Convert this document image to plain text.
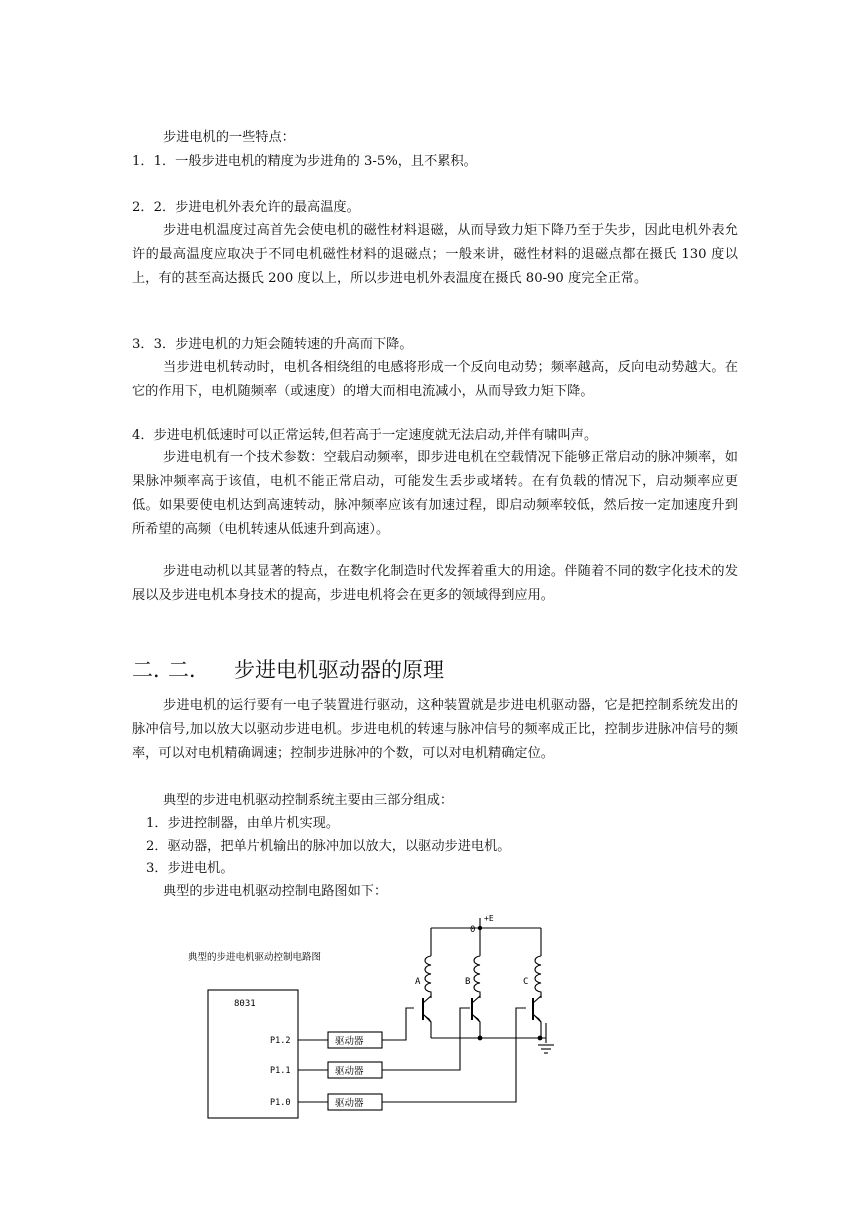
步进电机的一些特点：

1．1．一般步进电机的精度为步进角的 3-5%，且不累积。

2．2．步进电机外表允许的最高温度。

步进电机温度过高首先会使电机的磁性材料退磁，从而导致力矩下降乃至于失步，因此电机外表允许的最高温度应取决于不同电机磁性材料的退磁点；一般来讲，磁性材料的退磁点都在摄氏 130 度以上，有的甚至高达摄氏 200 度以上，所以步进电机外表温度在摄氏 80-90 度完全正常。

3．3．步进电机的力矩会随转速的升高而下降。

当步进电机转动时，电机各相绕组的电感将形成一个反向电动势；频率越高，反向电动势越大。在它的作用下，电机随频率（或速度）的增大而相电流减小，从而导致力矩下降。

4．步进电机低速时可以正常运转,但若高于一定速度就无法启动,并伴有啸叫声。

步进电机有一个技术参数：空载启动频率，即步进电机在空载情况下能够正常启动的脉冲频率，如果脉冲频率高于该值，电机不能正常启动，可能发生丢步或堵转。在有负载的情况下，启动频率应更低。如果要使电机达到高速转动，脉冲频率应该有加速过程，即启动频率较低，然后按一定加速度升到所希望的高频（电机转速从低速升到高速）。

步进电动机以其显著的特点，在数字化制造时代发挥着重大的用途。伴随着不同的数字化技术的发展以及步进电机本身技术的提高，步进电机将会在更多的领域得到应用。

二．二． 步进电机驱动器的原理

步进电机的运行要有一电子装置进行驱动，这种装置就是步进电机驱动器，它是把控制系统发出的脉冲信号,加以放大以驱动步进电机。步进电机的转速与脉冲信号的频率成正比，控制步进脉冲信号的频率，可以对电机精确调速；控制步进脉冲的个数，可以对电机精确定位。

典型的步进电机驱动控制系统主要由三部分组成：

1．步进控制器，由单片机实现。

2．驱动器，把单片机输出的脉冲加以放大，以驱动步进电机。

3．步进电机。

典型的步进电机驱动控制电路图如下：

0
+E
A	B	C
典型的步进电机驱动控制电路图
8031
P1.2
P1.1
P1.0
驱动器
驱动器
驱动器
